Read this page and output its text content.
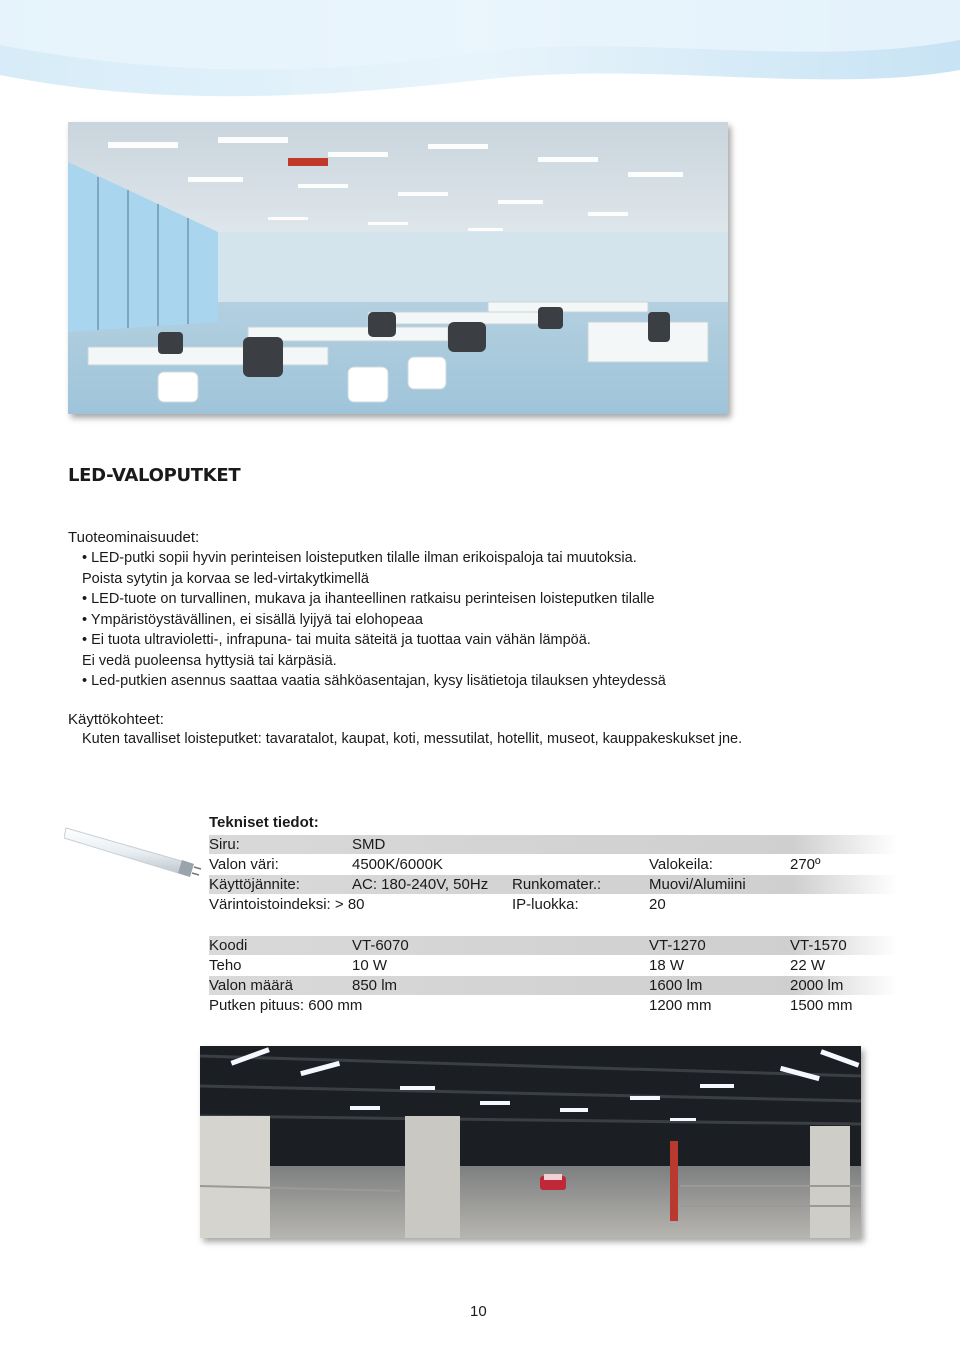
LED-VALOPUTKET
Tuoteominaisuudet:
• LED-putki sopii hyvin perinteisen loisteputken tilalle ilman erikoispaloja tai muutoksia.
Poista sytytin ja korvaa se led-virtakytkimellä
• LED-tuote on turvallinen, mukava ja ihanteellinen ratkaisu perinteisen loisteputken tilalle
• Ympäristöystävällinen, ei sisällä lyijyä tai elohopeaa
• Ei tuota ultravioletti-, infrapuna- tai muita säteitä ja tuottaa vain vähän lämpöä.
Ei vedä puoleensa hyttysiä tai kärpäsiä.
• Led-putkien asennus saattaa vaatia sähköasentajan, kysy lisätietoja tilauksen yhteydessä
Käyttökohteet:
Kuten tavalliset loisteputket: tavaratalot, kaupat, koti, messutilat, hotellit, museot, kauppakeskukset jne.
Tekniset tiedot:
Siru:	SMD
Valon väri:	4500K/6000K	Valokeila:	270º
Käyttöjännite:	AC: 180-240V, 50Hz Runkomater.:	Muovi/Alumiini
Värintoistoindeksi: > 80	IP-luokka:	20
Koodi	VT-6070	VT-1270	VT-1570
Teho	10 W	18 W	22 W
Valon määrä	850 lm	1600 lm	2000 lm
Putken pituus: 600 mm	1200 mm	1500 mm
10
